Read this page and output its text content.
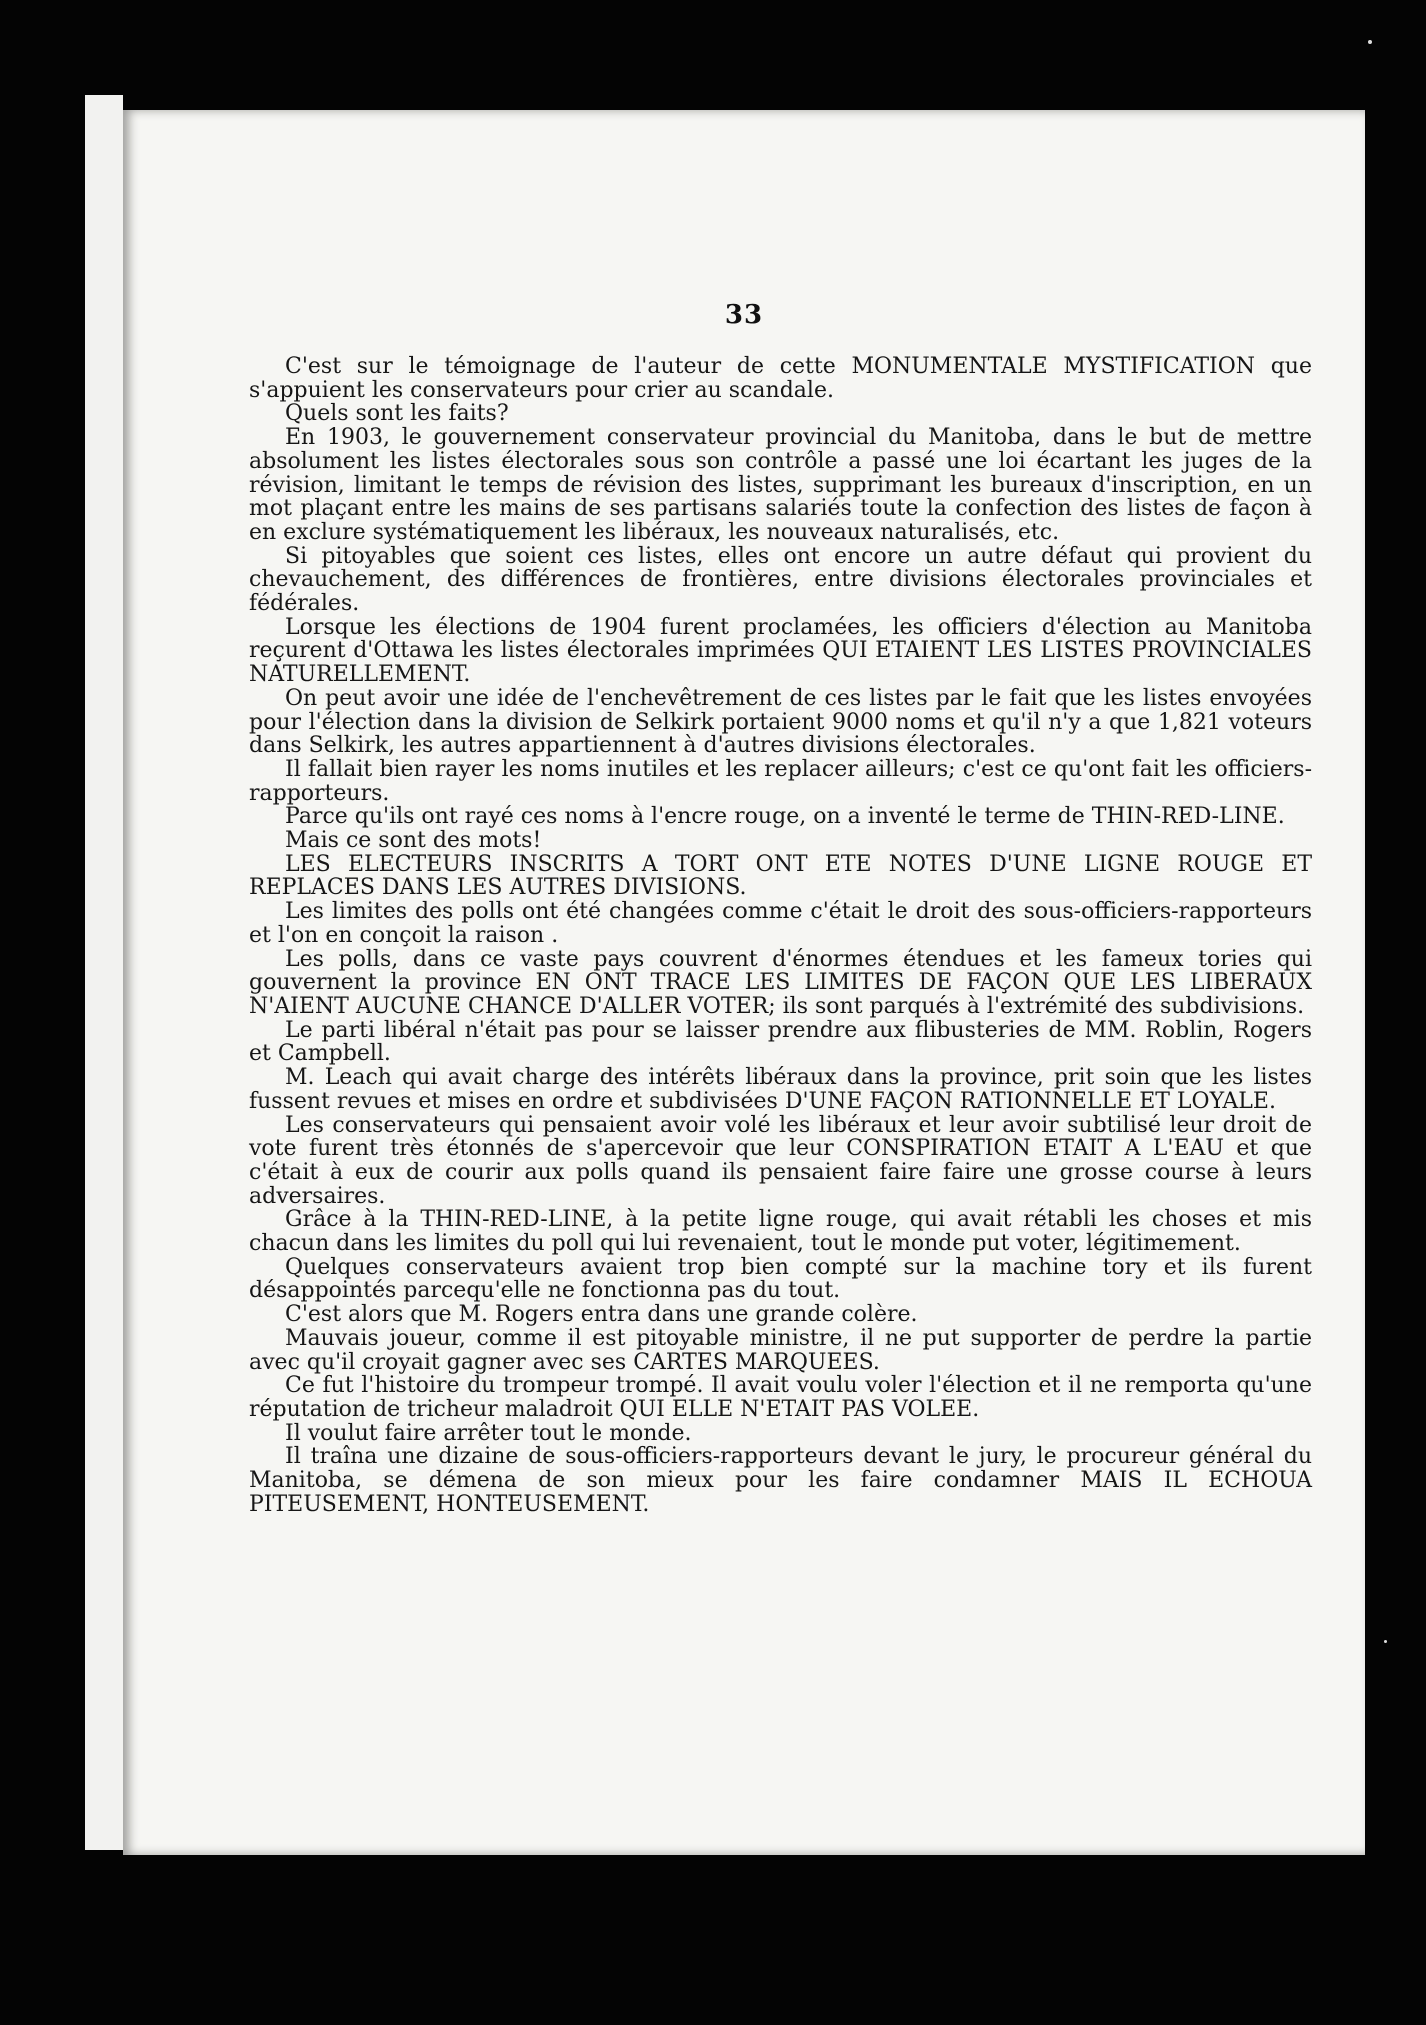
33

C'est sur le témoignage de l'auteur de cette MONUMENTALE MYSTIFICATION que s'appuient les conservateurs pour crier au scandale.

Quels sont les faits?

En 1903, le gouvernement conservateur provincial du Manitoba, dans le but de mettre absolument les listes électorales sous son contrôle a passé une loi écartant les juges de la révision, limitant le temps de révision des listes, supprimant les bureaux d'inscription, en un mot plaçant entre les mains de ses partisans salariés toute la confection des listes de façon à en exclure systématiquement les libéraux, les nouveaux naturalisés, etc.

Si pitoyables que soient ces listes, elles ont encore un autre défaut qui provient du chevauchement, des différences de frontières, entre divisions électorales provinciales et fédérales.

Lorsque les élections de 1904 furent proclamées, les officiers d'élection au Manitoba reçurent d'Ottawa les listes électorales imprimées QUI ETAIENT LES LISTES PROVINCIALES NATURELLEMENT.

On peut avoir une idée de l'enchevêtrement de ces listes par le fait que les listes envoyées pour l'élection dans la division de Selkirk portaient 9000 noms et qu'il n'y a que 1,821 voteurs dans Selkirk, les autres appartiennent à d'autres divisions électorales.

Il fallait bien rayer les noms inutiles et les replacer ailleurs; c'est ce qu'ont fait les officiers-rapporteurs.

Parce qu'ils ont rayé ces noms à l'encre rouge, on a inventé le terme de THIN-RED-LINE.

Mais ce sont des mots!

LES ELECTEURS INSCRITS A TORT ONT ETE NOTES D'UNE LIGNE ROUGE ET REPLACES DANS LES AUTRES DIVISIONS.

Les limites des polls ont été changées comme c'était le droit des sous-officiers-rapporteurs et l'on en conçoit la raison .

Les polls, dans ce vaste pays couvrent d'énormes étendues et les fameux tories qui gouvernent la province EN ONT TRACE LES LIMITES DE FAÇON QUE LES LIBERAUX N'AIENT AUCUNE CHANCE D'ALLER VOTER; ils sont parqués à l'extrémité des subdivisions.

Le parti libéral n'était pas pour se laisser prendre aux flibusteries de MM. Roblin, Rogers et Campbell.

M. Leach qui avait charge des intérêts libéraux dans la province, prit soin que les listes fussent revues et mises en ordre et subdivisées D'UNE FAÇON RATIONNELLE ET LOYALE.

Les conservateurs qui pensaient avoir volé les libéraux et leur avoir subtilisé leur droit de vote furent très étonnés de s'apercevoir que leur CONSPIRATION ETAIT A L'EAU et que c'était à eux de courir aux polls quand ils pensaient faire faire une grosse course à leurs adversaires.

Grâce à la THIN-RED-LINE, à la petite ligne rouge, qui avait rétabli les choses et mis chacun dans les limites du poll qui lui revenaient, tout le monde put voter, légitimement.

Quelques conservateurs avaient trop bien compté sur la machine tory et ils furent désappointés parcequ'elle ne fonctionna pas du tout.

C'est alors que M. Rogers entra dans une grande colère.

Mauvais joueur, comme il est pitoyable ministre, il ne put supporter de perdre la partie avec qu'il croyait gagner avec ses CARTES MARQUEES.

Ce fut l'histoire du trompeur trompé. Il avait voulu voler l'élection et il ne remporta qu'une réputation de tricheur maladroit QUI ELLE N'ETAIT PAS VOLEE.

Il voulut faire arrêter tout le monde.

Il traîna une dizaine de sous-officiers-rapporteurs devant le jury, le procureur général du Manitoba, se démena de son mieux pour les faire condamner MAIS IL ECHOUA PITEUSEMENT, HONTEUSEMENT.
